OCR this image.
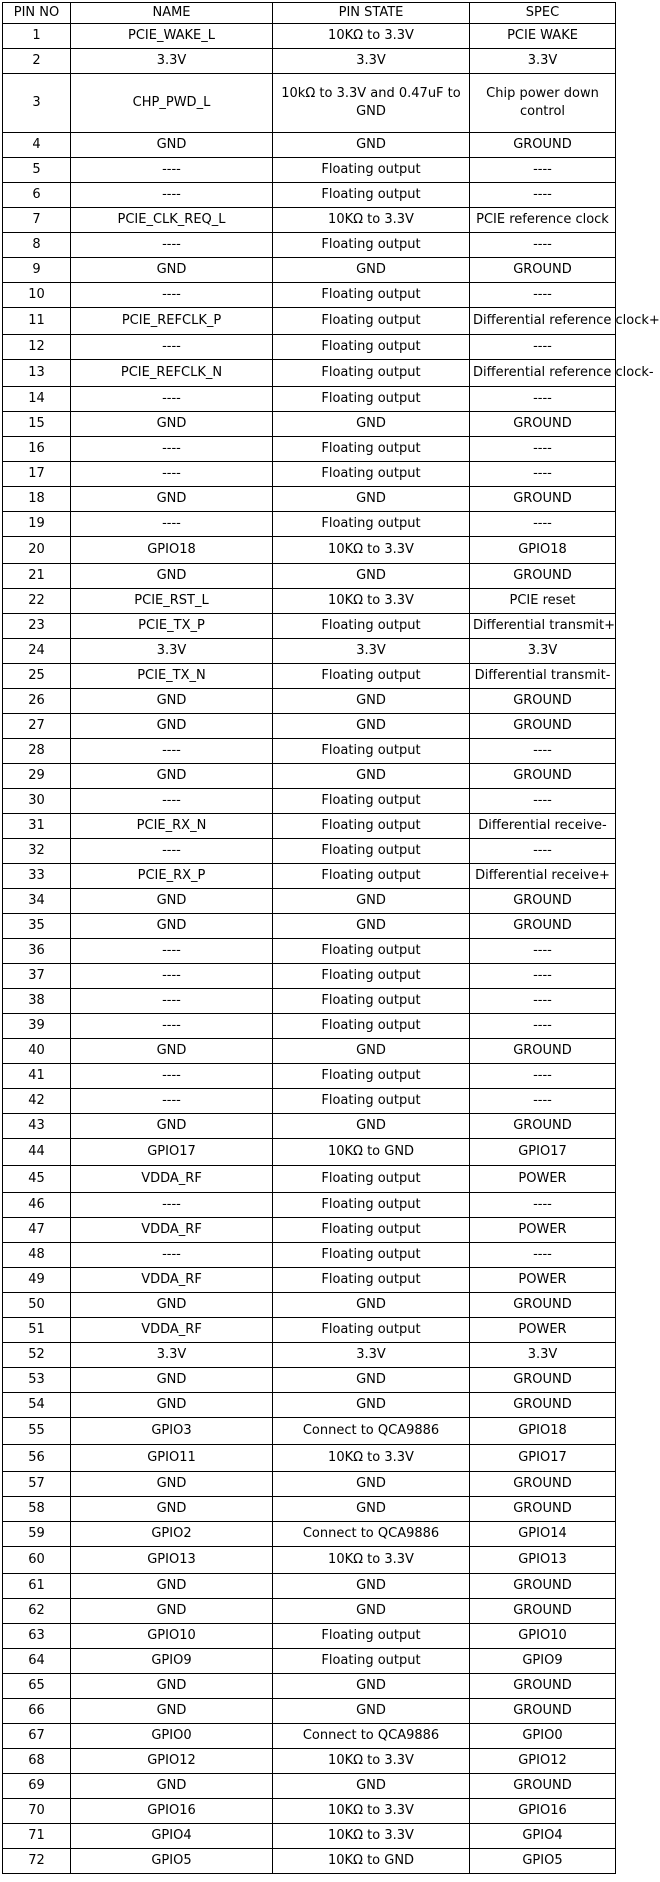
PIN NO	NAME	PIN STATE	SPEC
1	PCIE_WAKE_L	10KΩ to 3.3V	PCIE WAKE
2	3.3V	3.3V	3.3V
3	CHP_PWD_L	10kΩ to 3.3V and 0.47uF to GND	Chip power down control
4	GND	GND	GROUND
5	----	Floating output	----
6	----	Floating output	----
7	PCIE_CLK_REQ_L	10KΩ to 3.3V	PCIE reference clock
8	----	Floating output	----
9	GND	GND	GROUND
10	----	Floating output	----
11	PCIE_REFCLK_P	Floating output	Differential reference clock+
12	----	Floating output	----
13	PCIE_REFCLK_N	Floating output	Differential reference clock-
14	----	Floating output	----
15	GND	GND	GROUND
16	----	Floating output	----
17	----	Floating output	----
18	GND	GND	GROUND
19	----	Floating output	----
20	GPIO18	10KΩ to 3.3V	GPIO18
21	GND	GND	GROUND
22	PCIE_RST_L	10KΩ to 3.3V	PCIE reset
23	PCIE_TX_P	Floating output	Differential transmit+
24	3.3V	3.3V	3.3V
25	PCIE_TX_N	Floating output	Differential transmit-
26	GND	GND	GROUND
27	GND	GND	GROUND
28	----	Floating output	----
29	GND	GND	GROUND
30	----	Floating output	----
31	PCIE_RX_N	Floating output	Differential receive-
32	----	Floating output	----
33	PCIE_RX_P	Floating output	Differential receive+
34	GND	GND	GROUND
35	GND	GND	GROUND
36	----	Floating output	----
37	----	Floating output	----
38	----	Floating output	----
39	----	Floating output	----
40	GND	GND	GROUND
41	----	Floating output	----
42	----	Floating output	----
43	GND	GND	GROUND
44	GPIO17	10KΩ to GND	GPIO17
45	VDDA_RF	Floating output	POWER
46	----	Floating output	----
47	VDDA_RF	Floating output	POWER
48	----	Floating output	----
49	VDDA_RF	Floating output	POWER
50	GND	GND	GROUND
51	VDDA_RF	Floating output	POWER
52	3.3V	3.3V	3.3V
53	GND	GND	GROUND
54	GND	GND	GROUND
55	GPIO3	Connect to QCA9886	GPIO18
56	GPIO11	10KΩ to 3.3V	GPIO17
57	GND	GND	GROUND
58	GND	GND	GROUND
59	GPIO2	Connect to QCA9886	GPIO14
60	GPIO13	10KΩ to 3.3V	GPIO13
61	GND	GND	GROUND
62	GND	GND	GROUND
63	GPIO10	Floating output	GPIO10
64	GPIO9	Floating output	GPIO9
65	GND	GND	GROUND
66	GND	GND	GROUND
67	GPIO0	Connect to QCA9886	GPIO0
68	GPIO12	10KΩ to 3.3V	GPIO12
69	GND	GND	GROUND
70	GPIO16	10KΩ to 3.3V	GPIO16
71	GPIO4	10KΩ to 3.3V	GPIO4
72	GPIO5	10KΩ to GND	GPIO5
